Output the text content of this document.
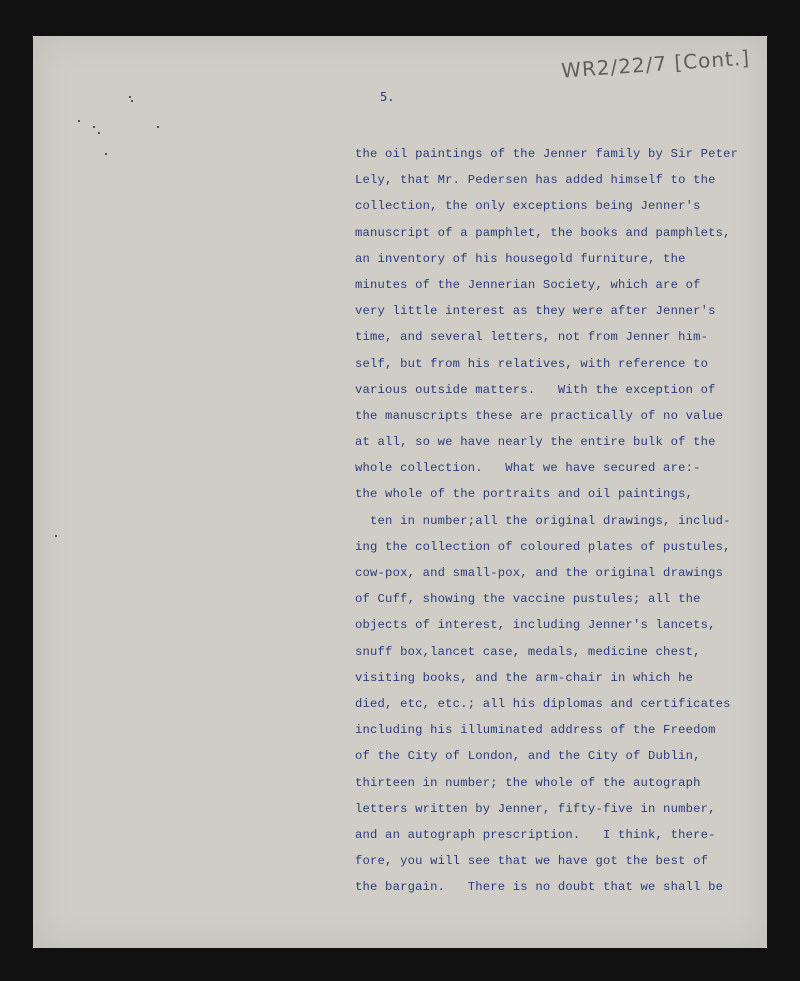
WR2/22/7 [Cont.]
5.
the oil paintings of the Jenner family by Sir Peter
Lely, that Mr. Pedersen has added himself to the
collection, the only exceptions being Jenner's
manuscript of a pamphlet, the books and pamphlets,
an inventory of his housegold furniture, the
minutes of the Jennerian Society, which are of
very little interest as they were after Jenner's
time, and several letters, not from Jenner him-
self, but from his relatives, with reference to
various outside matters.   With the exception of
the manuscripts these are practically of no value
at all, so we have nearly the entire bulk of the
whole collection.   What we have secured are:-
the whole of the portraits and oil paintings,
ten in number;all the original drawings, includ-
ing the collection of coloured plates of pustules,
cow-pox, and small-pox, and the original drawings
of Cuff, showing the vaccine pustules; all the
objects of interest, including Jenner's lancets,
snuff box,lancet case, medals, medicine chest,
visiting books, and the arm-chair in which he
died, etc, etc.; all his diplomas and certificates
including his illuminated address of the Freedom
of the City of London, and the City of Dublin,
thirteen in number; the whole of the autograph
letters written by Jenner, fifty-five in number,
and an autograph prescription.   I think, there-
fore, you will see that we have got the best of
the bargain.   There is no doubt that we shall be
